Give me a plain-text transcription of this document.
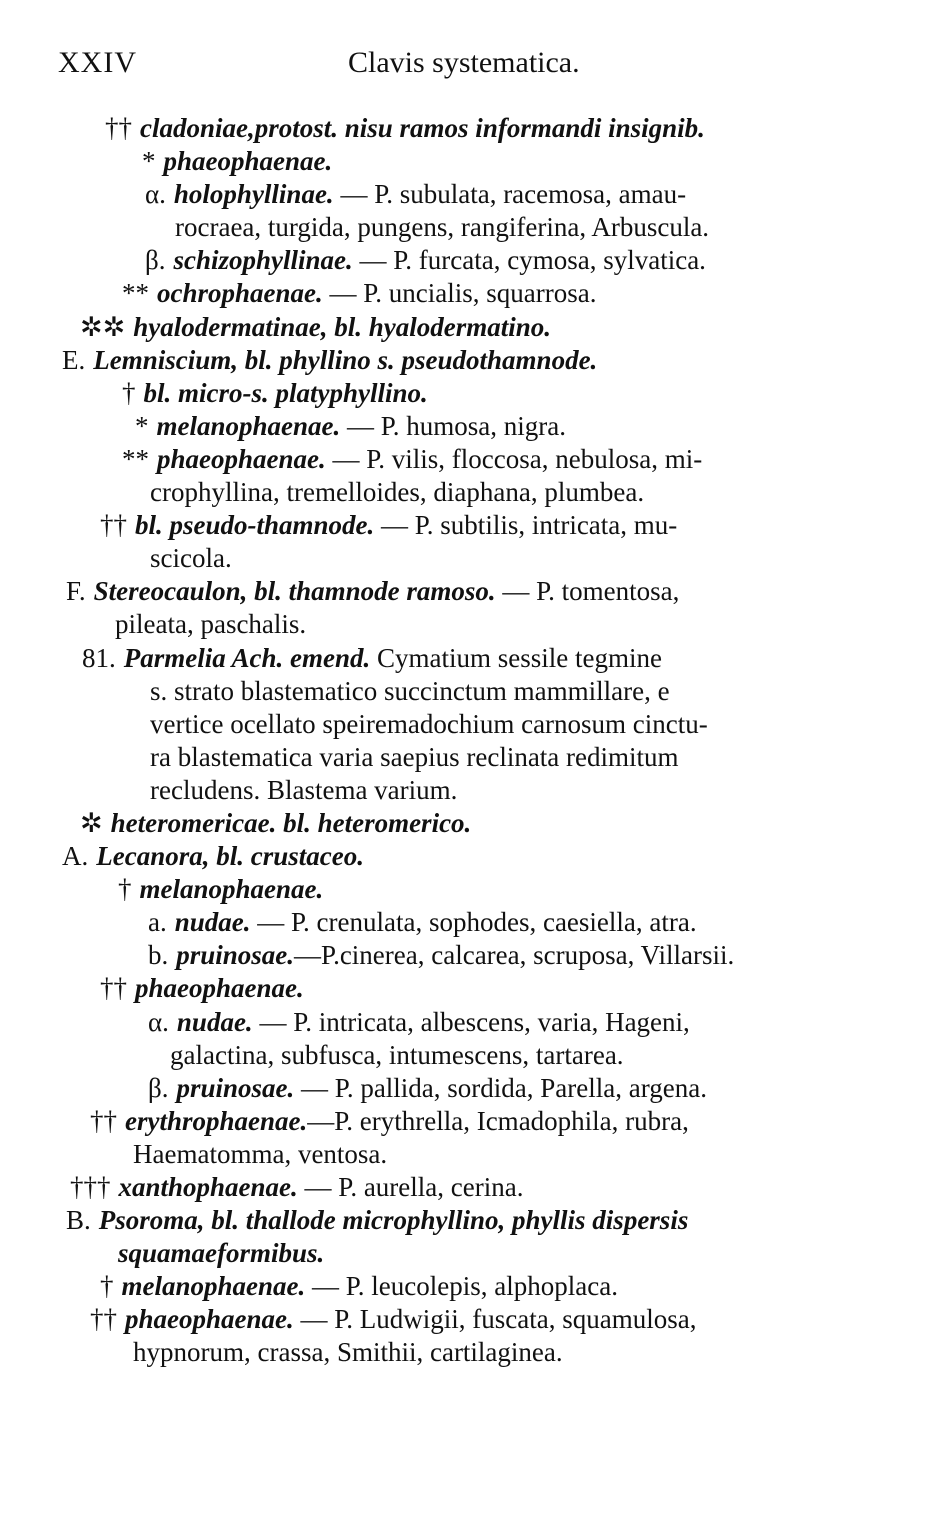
XXIV	Clavis systematica.
†† cladoniae,protost. nisu ramos informandi insignib.
* phaeophaenae.
α. holophyllinae. — P. subulata, racemosa, amau-
rocraea, turgida, pungens, rangiferina, Arbuscula.
β. schizophyllinae. — P. furcata, cymosa, sylvatica.
** ochrophaenae. — P. uncialis, squarrosa.
✲✲ hyalodermatinae, bl. hyalodermatino.
E. Lemniscium, bl. phyllino s. pseudothamnode.
† bl. micro-s. platyphyllino.
* melanophaenae. — P. humosa, nigra.
** phaeophaenae. — P. vilis, floccosa, nebulosa, mi-
crophyllina, tremelloides, diaphana, plumbea.
†† bl. pseudo-thamnode. — P. subtilis, intricata, mu-
scicola.
F. Stereocaulon, bl. thamnode ramoso. — P. tomentosa,
pileata, paschalis.
81. Parmelia Ach. emend. Cymatium sessile tegmine
s. strato blastematico succinctum mammillare, e
vertice ocellato speiremadochium carnosum cinctu-
ra blastematica varia saepius reclinata redimitum
recludens. Blastema varium.
✲ heteromericae. bl. heteromerico.
A. Lecanora, bl. crustaceo.
† melanophaenae.
a. nudae. — P. crenulata, sophodes, caesiella, atra.
b. pruinosae.—P.cinerea, calcarea, scruposa, Villarsii.
†† phaeophaenae.
α. nudae. — P. intricata, albescens, varia, Hageni,
galactina, subfusca, intumescens, tartarea.
β. pruinosae. — P. pallida, sordida, Parella, argena.
†† erythrophaenae.—P. erythrella, Icmadophila, rubra,
Haematomma, ventosa.
††† xanthophaenae. — P. aurella, cerina.
B. Psoroma, bl. thallode microphyllino, phyllis dispersis
squamaeformibus.
† melanophaenae. — P. leucolepis, alphoplaca.
†† phaeophaenae. — P. Ludwigii, fuscata, squamulosa,
hypnorum, crassa, Smithii, cartilaginea.
